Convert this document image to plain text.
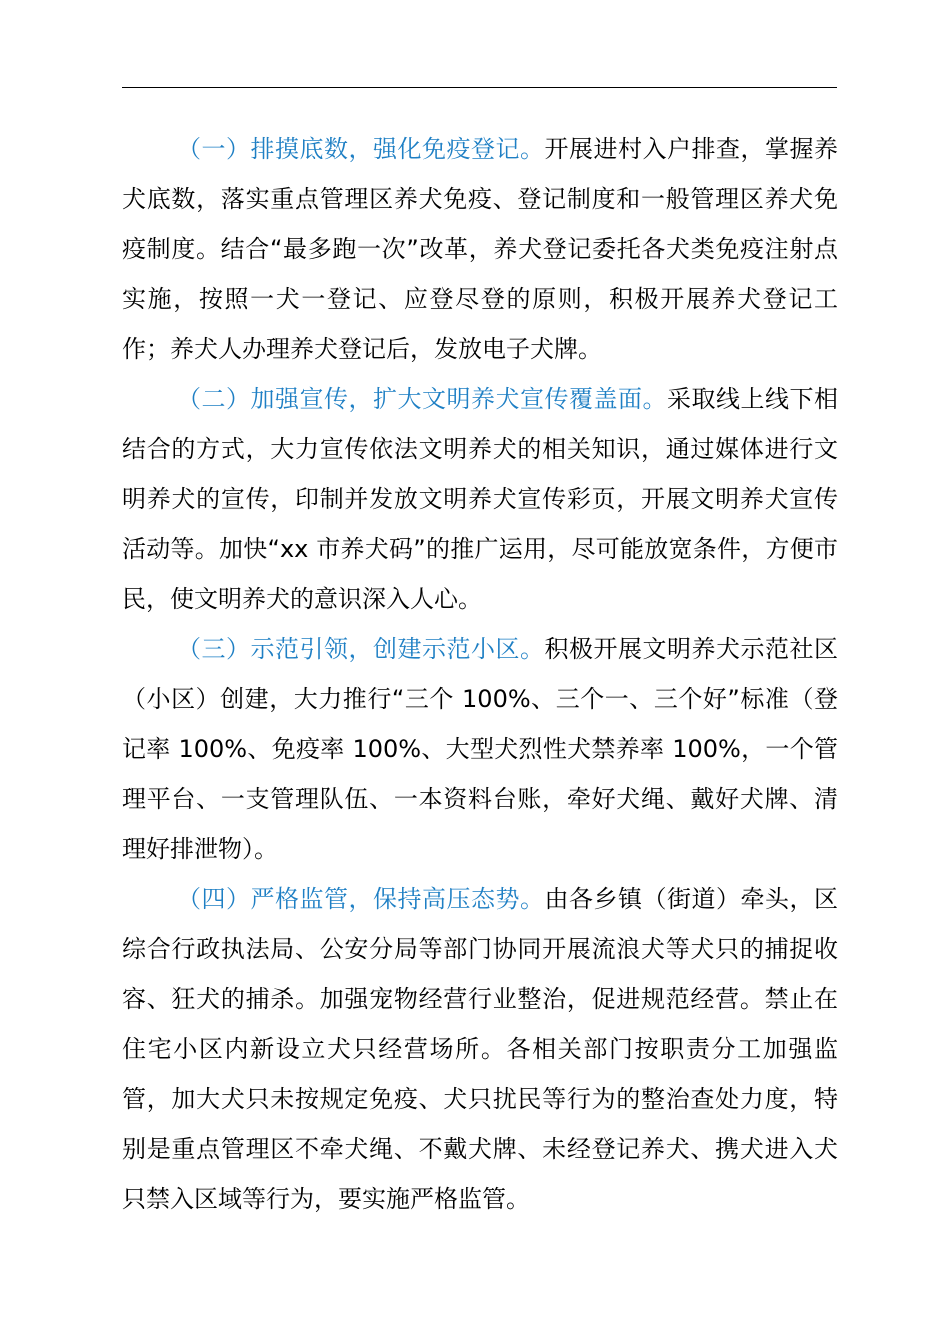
（一）排摸底数，强化免疫登记。开展进村入户排查，掌握养犬底数，落实重点管理区养犬免疫、登记制度和一般管理区养犬免疫制度。结合“最多跑一次”改革，养犬登记委托各犬类免疫注射点实施，按照一犬一登记、应登尽登的原则，积极开展养犬登记工作；养犬人办理养犬登记后，发放电子犬牌。

（二）加强宣传，扩大文明养犬宣传覆盖面。采取线上线下相结合的方式，大力宣传依法文明养犬的相关知识，通过媒体进行文明养犬的宣传，印制并发放文明养犬宣传彩页，开展文明养犬宣传活动等。加快“xx 市养犬码”的推广运用，尽可能放宽条件，方便市民，使文明养犬的意识深入人心。

（三）示范引领，创建示范小区。积极开展文明养犬示范社区（小区）创建，大力推行“三个 100%、三个一、三个好”标准（登记率 100%、免疫率 100%、大型犬烈性犬禁养率 100%，一个管理平台、一支管理队伍、一本资料台账，牵好犬绳、戴好犬牌、清理好排泄物）。

（四）严格监管，保持高压态势。由各乡镇（街道）牵头，区综合行政执法局、公安分局等部门协同开展流浪犬等犬只的捕捉收容、狂犬的捕杀。加强宠物经营行业整治，促进规范经营。禁止在住宅小区内新设立犬只经营场所。各相关部门按职责分工加强监管，加大犬只未按规定免疫、犬只扰民等行为的整治查处力度，特别是重点管理区不牵犬绳、不戴犬牌、未经登记养犬、携犬进入犬只禁入区域等行为，要实施严格监管。
